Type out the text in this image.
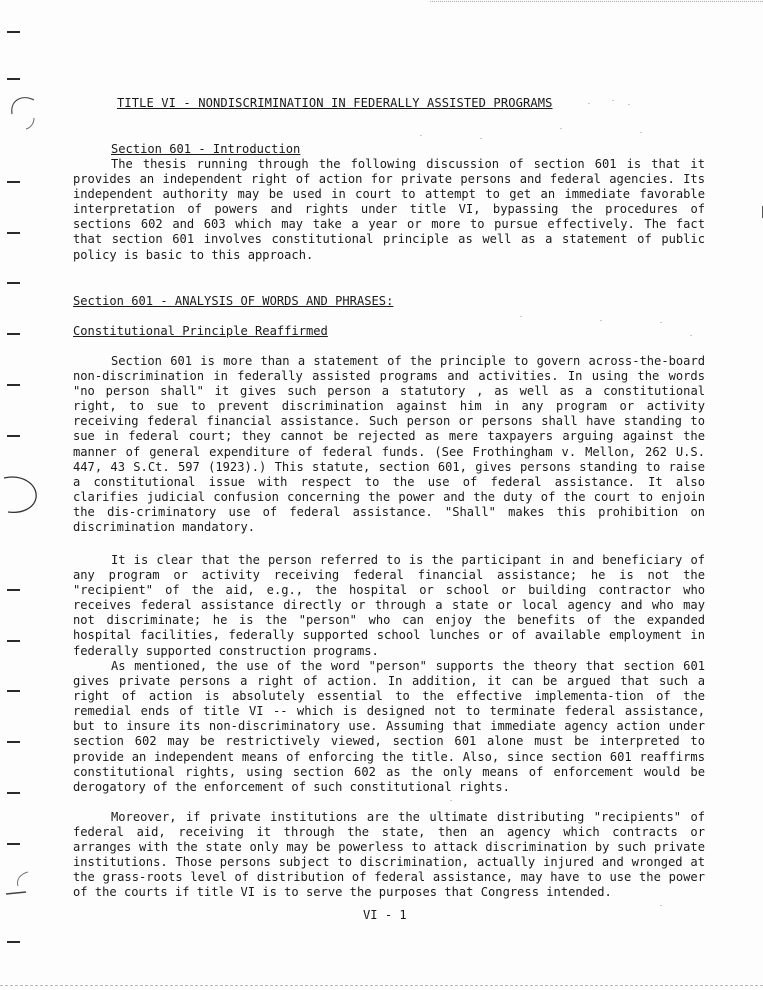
TITLE VI - NONDISCRIMINATION IN FEDERALLY ASSISTED PROGRAMS
Section 601 - Introduction

The thesis running through the following discussion of section 601 is that it provides an independent right of action for private persons and federal agencies. Its independent authority may be used in court to attempt to get an immediate favorable interpretation of powers and rights under title VI, bypassing the procedures of sections 602 and 603 which may take a year or more to pursue effectively. The fact that section 601 involves constitutional principle as well as a statement of public policy is basic to this approach.

Section 601 - ANALYSIS OF WORDS AND PHRASES:
Constitutional Principle Reaffirmed

Section 601 is more than a statement of the principle to govern across-the-board non-discrimination in federally assisted programs and activities. In using the words "no person shall" it gives such person a statutory , as well as a constitutional right, to sue to prevent discrimination against him in any program or activity receiving federal financial assistance. Such person or persons shall have standing to sue in federal court; they cannot be rejected as mere taxpayers arguing against the manner of general expenditure of federal funds. (See Frothingham v. Mellon, 262 U.S. 447, 43 S.Ct. 597 (1923).) This statute, section 601, gives persons standing to raise a constitutional issue with respect to the use of federal assistance. It also clarifies judicial confusion concerning the power and the duty of the court to enjoin the dis-criminatory use of federal assistance. "Shall" makes this prohibition on discrimination mandatory.

It is clear that the person referred to is the participant in and beneficiary of any program or activity receiving federal financial assistance; he is not the "recipient" of the aid, e.g., the hospital or school or building contractor who receives federal assistance directly or through a state or local agency and who may not discriminate; he is the "person" who can enjoy the benefits of the expanded hospital facilities, federally supported school lunches or of available employment in federally supported construction programs.

As mentioned, the use of the word "person" supports the theory that section 601 gives private persons a right of action. In addition, it can be argued that such a right of action is absolutely essential to the effective implementa-tion of the remedial ends of title VI -- which is designed not to terminate federal assistance, but to insure its non-discriminatory use. Assuming that immediate agency action under section 602 may be restrictively viewed, section 601 alone must be interpreted to provide an independent means of enforcing the title. Also, since section 601 reaffirms constitutional rights, using section 602 as the only means of enforcement would be derogatory of the enforcement of such constitutional rights.

Moreover, if private institutions are the ultimate distributing "recipients" of federal aid, receiving it through the state, then an agency which contracts or arranges with the state only may be powerless to attack discrimination by such private institutions. Those persons subject to discrimination, actually injured and wronged at the grass-roots level of distribution of federal assistance, may have to use the power of the courts if title VI is to serve the purposes that Congress intended.

VI - 1
